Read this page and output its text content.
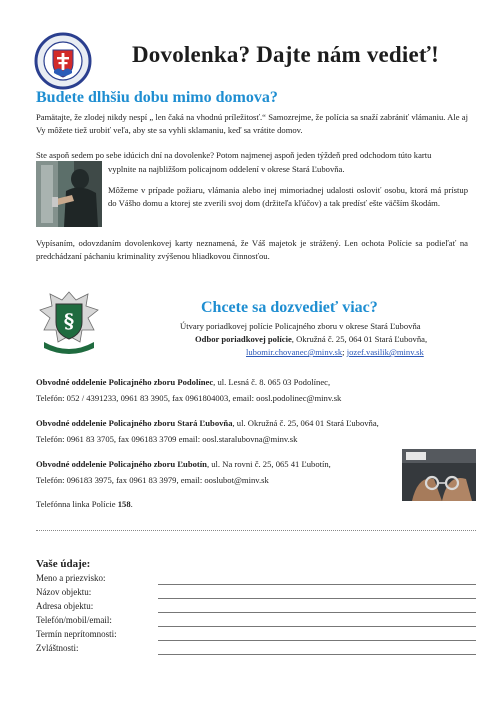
Dovolenka? Dajte nám vedieť!
Budete dlhšiu dobu mimo domova?

Pamätajte, že zlodej nikdy nespí „ len čaká na vhodnú príležitosť.“ Samozrejme, že polícia sa snaží zabrániť vlámaniu. Ale aj Vy môžete tiež urobiť veľa, aby ste sa vyhli sklamaniu, keď sa vrátite domov.

Ste aspoň sedem po sebe idúcich dní na dovolenke? Potom najmenej aspoň jeden týždeň pred odchodom túto kartu

vyplnite na najbližšom policajnom oddelení v okrese Stará Ľubovňa.

Môžeme v prípade požiaru, vlámania alebo inej mimoriadnej udalosti osloviť osobu, ktorá má prístup do Vášho domu a ktorej ste zverili svoj dom (držiteľa kľúčov) a tak predísť ešte väčším škodám.

Vypísaním, odovzdaním dovolenkovej karty neznamená, že Váš majetok je strážený. Len ochota Polície sa podieľať na predchádzaní páchaniu kriminality zvýšenou hliadkovou činnosťou.

§
Chcete sa dozvedieť viac?
Útvary poriadkovej polície Policajného zboru v okrese Stará Ľubovňa
Odbor poriadkovej polície, Okružná č. 25, 064 01 Stará Ľubovňa,
lubomir.chovanec@minv.sk; jozef.vasilik@minv.sk
Obvodné oddelenie Policajného zboru Podolínec, ul. Lesná č. 8. 065 03 Podolínec,
Telefón: 052 / 4391233, 0961 83 3905, fax 0961804003, email: oosl.podolinec@minv.sk
Obvodné oddelenie Policajného zboru Stará Ľubovňa, ul. Okružná č. 25, 064 01 Stará Ľubovňa,
Telefón: 0961 83 3705, fax 096183 3709 email: oosl.staralubovna@minv.sk
Obvodné oddelenie Policajného zboru Ľubotín, ul. Na rovni č. 25, 065 41 Ľubotín,
Telefón: 096183 3975, fax 0961 83 3979, email: ooslubot@minv.sk
Telefónna linka Polície 158.
Vaše údaje:
Meno a priezvisko:
Názov objektu:
Adresa objektu:
Telefón/mobil/email:
Termín neprítomnosti:
Zvláštnosti:
